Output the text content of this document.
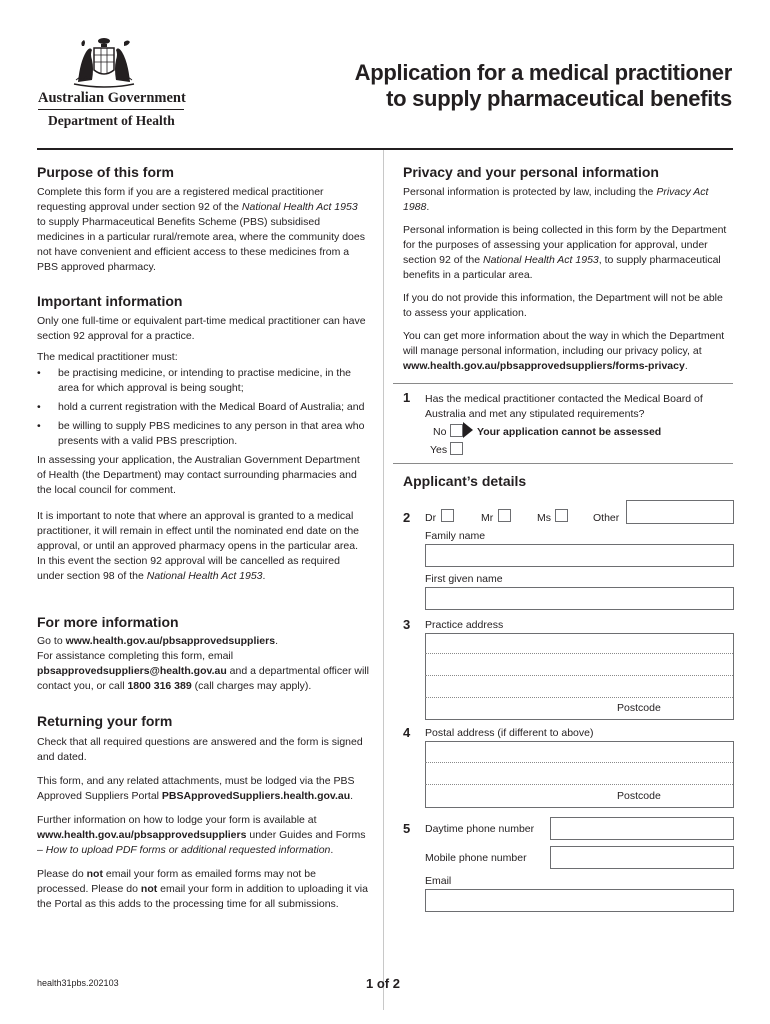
Australian Government
Department of Health
Application for a medical practitioner
to supply pharmaceutical benefits
Purpose of this form

Complete this form if you are a registered medical practitioner requesting approval under section 92 of the National Health Act 1953 to supply Pharmaceutical Benefits Scheme (PBS) subsidised medicines in a particular rural/remote area, where the community does not have convenient and efficient access to these medicines from a PBS approved pharmacy.

Important information

Only one full-time or equivalent part-time medical practitioner can have section 92 approval for a practice.

The medical practitioner must:

• be practising medicine, or intending to practise medicine, in the area for which approval is being sought;
• hold a current registration with the Medical Board of Australia; and
• be willing to supply PBS medicines to any person in that area who presents with a valid PBS prescription.

In assessing your application, the Australian Government Department of Health (the Department) may contact surrounding pharmacies and the local council for comment.

It is important to note that where an approval is granted to a medical practitioner, it will remain in effect until the nominated end date on the approval, or until an approved pharmacy opens in the particular area. In this event the section 92 approval will be cancelled as required under section 98 of the National Health Act 1953.

For more information

Go to www.health.gov.au/pbsapprovedsuppliers.
For assistance completing this form, email
pbsapprovedsuppliers@health.gov.au and a departmental officer will contact you, or call 1800 316 389 (call charges may apply).

Returning your form

Check that all required questions are answered and the form is signed and dated.

This form, and any related attachments, must be lodged via the PBS Approved Suppliers Portal PBSApprovedSuppliers.health.gov.au.

Further information on how to lodge your form is available at www.health.gov.au/pbsapprovedsuppliers under Guides and Forms – How to upload PDF forms or additional requested information.

Please do not email your form as emailed forms may not be processed. Please do not email your form in addition to uploading it via the Portal as this adds to the processing time for all submissions.

Privacy and your personal information

Personal information is protected by law, including the Privacy Act 1988.

Personal information is being collected in this form by the Department for the purposes of assessing your application for approval, under section 92 of the National Health Act 1953, to supply pharmaceutical benefits in a particular area.

If you do not provide this information, the Department will not be able to assess your application.

You can get more information about the way in which the Department will manage personal information, including our privacy policy, at
www.health.gov.au/pbsapprovedsuppliers/forms-privacy.

1 Has the medical practitioner contacted the Medical Board of Australia and met any stipulated requirements?
No	Your application cannot be assessed
Yes
Applicant’s details
2 Dr	Mr	Ms	Other
Family name
First given name
3 Practice address
Postcode
4 Postal address (if different to above)
Postcode
5 Daytime phone number
Mobile phone number
Email
health31pbs.202103	1 of 2
